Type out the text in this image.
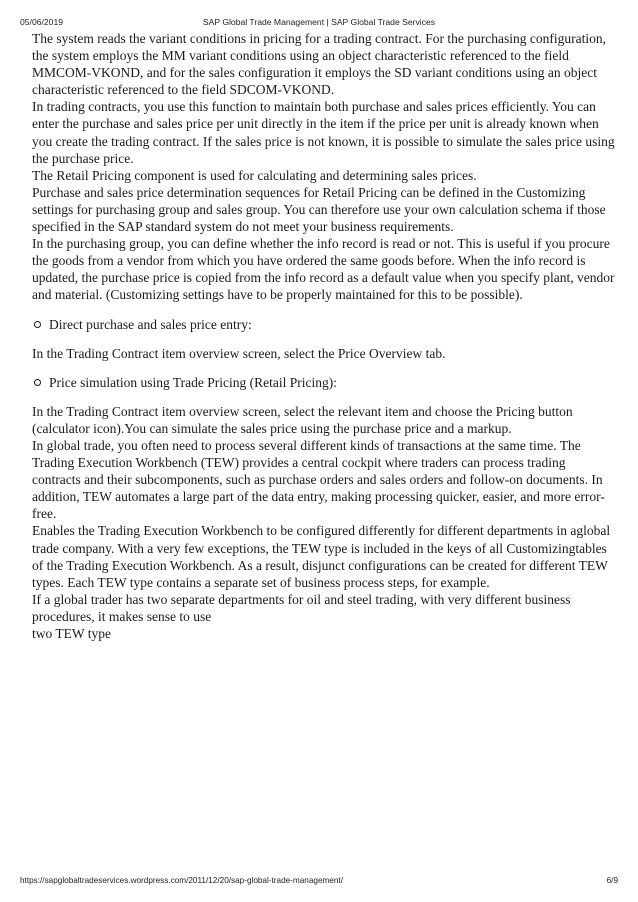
05/06/2019	SAP Global Trade Management | SAP Global Trade Services

The system reads the variant conditions in pricing for a trading contract. For the purchasing configuration, the system employs the MM variant conditions using an object characteristic referenced to the field MMCOM-VKOND, and for the sales configuration it employs the SD variant conditions using an object characteristic referenced to the field SDCOM-VKOND.

In trading contracts, you use this function to maintain both purchase and sales prices efficiently. You can enter the purchase and sales price per unit directly in the item if the price per unit is already known when you create the trading contract. If the sales price is not known, it is possible to simulate the sales price using the purchase price.

The Retail Pricing component is used for calculating and determining sales prices.

Purchase and sales price determination sequences for Retail Pricing can be defined in the Customizing settings for purchasing group and sales group. You can therefore use your own calculation schema if those specified in the SAP standard system do not meet your business requirements.

In the purchasing group, you can define whether the info record is read or not. This is useful if you procure the goods from a vendor from which you have ordered the same goods before. When the info record is updated, the purchase price is copied from the info record as a default value when you specify plant, vendor and material. (Customizing settings have to be properly maintained for this to be possible).

Direct purchase and sales price entry:

In the Trading Contract item overview screen, select the Price Overview tab.

Price simulation using Trade Pricing (Retail Pricing):

In the Trading Contract item overview screen, select the relevant item and choose the Pricing button (calculator icon).You can simulate the sales price using the purchase price and a markup.

In global trade, you often need to process several different kinds of transactions at the same time. The Trading Execution Workbench (TEW) provides a central cockpit where traders can process trading contracts and their subcomponents, such as purchase orders and sales orders and follow-on documents. In addition, TEW automates a large part of the data entry, making processing quicker, easier, and more error-free.

Enables the Trading Execution Workbench to be configured differently for different departments in aglobal trade company. With a very few exceptions, the TEW type is included in the keys of all Customizingtables of the Trading Execution Workbench. As a result, disjunct configurations can be created for different TEW types. Each TEW type contains a separate set of business process steps, for example.

If a global trader has two separate departments for oil and steel trading, with very different business procedures, it makes sense to use

two TEW type

https://sapglobaltradeservices.wordpress.com/2011/12/20/sap-global-trade-management/	6/9
